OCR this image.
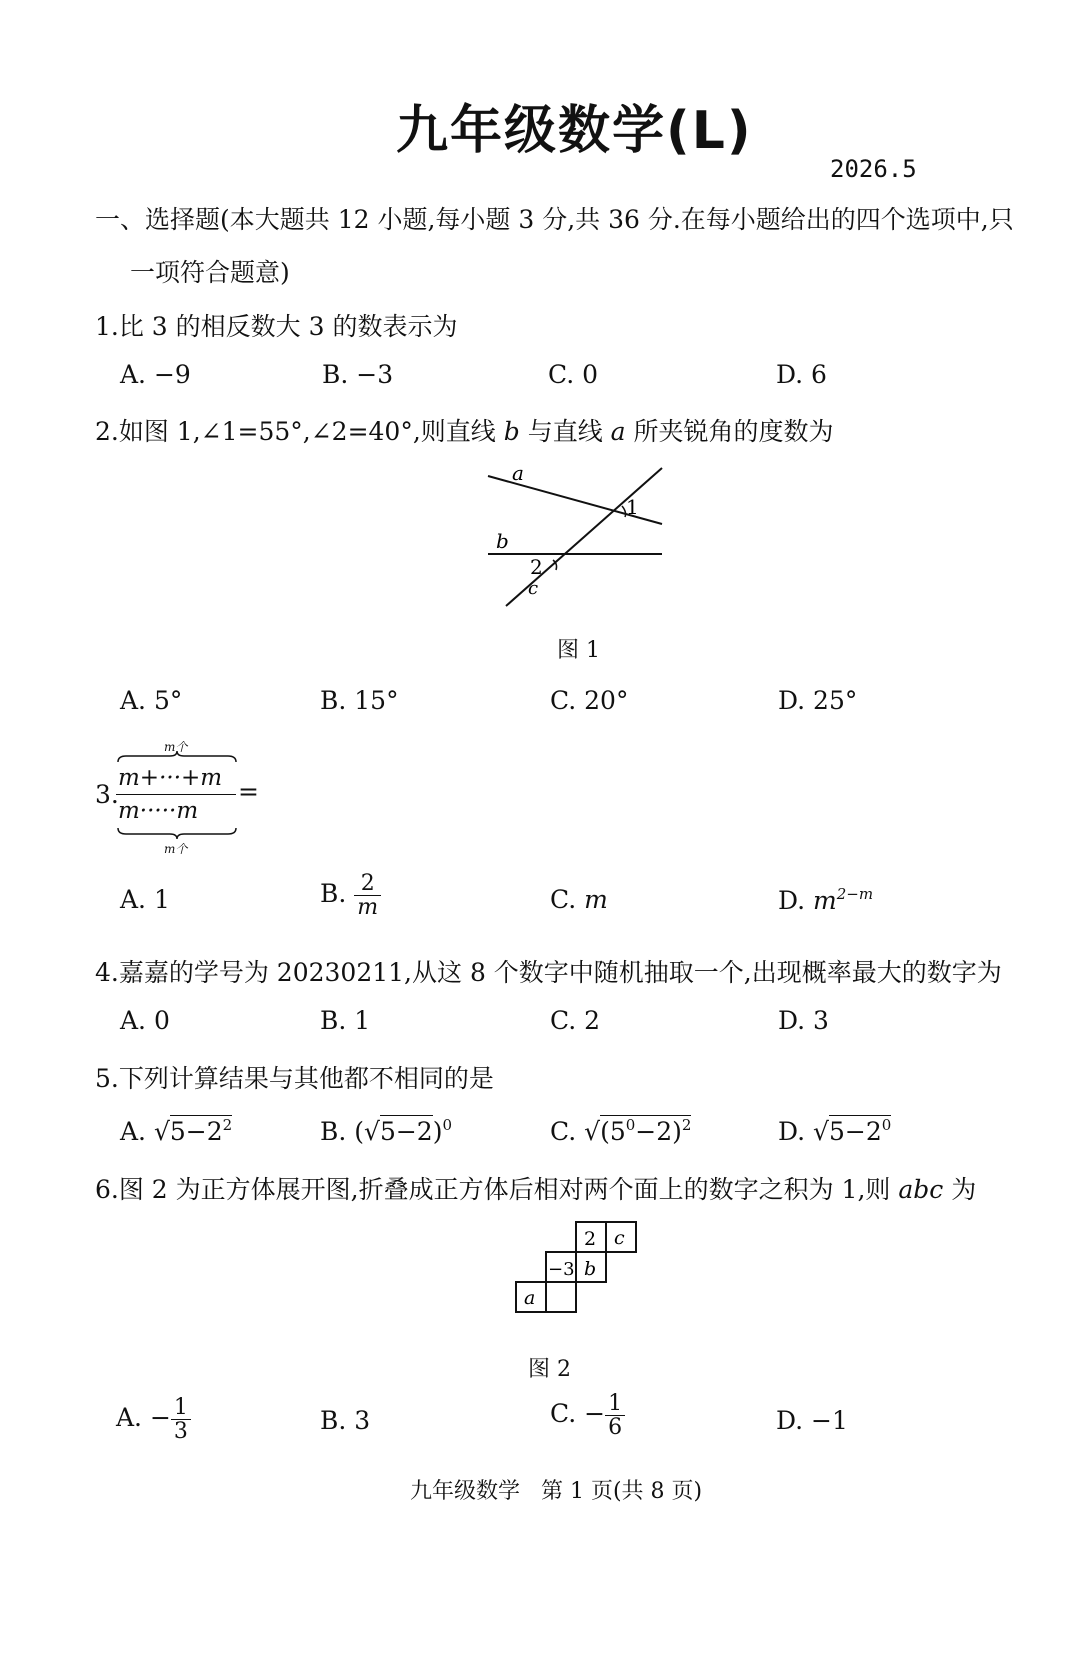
九年级数学(L)
2026.5
一、选择题(本大题共 12 小题,每小题 3 分,共 36 分.在每小题给出的四个选项中,只
一项符合题意)
1.比 3 的相反数大 3 的数表示为
A. −9	B. −3	C. 0	D. 6
2.如图 1,∠1=55°,∠2=40°,则直线 b 与直线 a 所夹锐角的度数为
a
b
c
1
2
图 1
A. 5°	B. 15°	C. 20°	D. 25°
3.
m个
m+···+m
m·····m
m个
=
A. 1	B. $\frac{2}{m}$	C. m	D. $m^{2-m}$
4.嘉嘉的学号为 20230211,从这 8 个数字中随机抽取一个,出现概率最大的数字为
A. 0	B. 1	C. 2	D. 3
5.下列计算结果与其他都不相同的是
A. $√5-2^2$	B. $(√5-2)^0$	C. $√(5^0-2)^2$	D. $√5-2^0$
6.图 2 为正方体展开图,折叠成正方体后相对两个面上的数字之积为 1,则 abc 为
2 c
−3 b
a
图 2
A. − $\frac{1}{3}$	B. 3	C. − $\frac{1}{6}$	D. −1
九年级数学   第 1 页(共 8 页)
